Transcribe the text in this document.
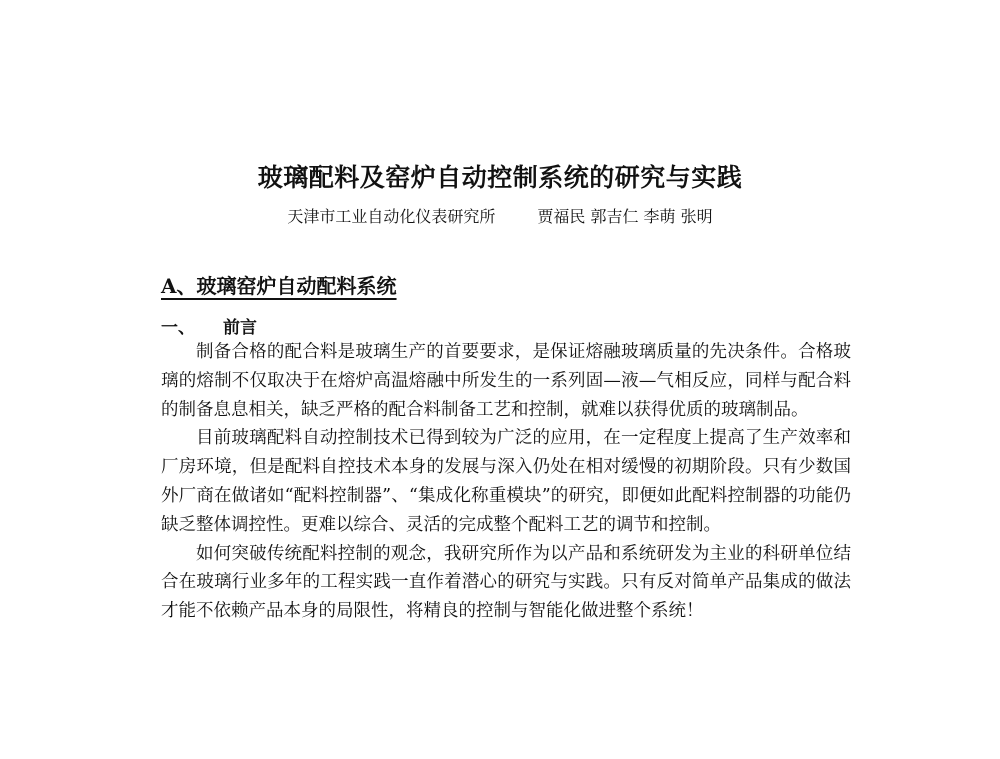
玻璃配料及窑炉自动控制系统的研究与实践
天津市工业自动化仪表研究所	贾福民 郭吉仁 李萌 张明
A、玻璃窑炉自动配料系统
一、 前言

制备合格的配合料是玻璃生产的首要要求，是保证熔融玻璃质量的先决条件。合格玻璃的熔制不仅取决于在熔炉高温熔融中所发生的一系列固—液—气相反应，同样与配合料的制备息息相关，缺乏严格的配合料制备工艺和控制，就难以获得优质的玻璃制品。

目前玻璃配料自动控制技术已得到较为广泛的应用，在一定程度上提高了生产效率和厂房环境，但是配料自控技术本身的发展与深入仍处在相对缓慢的初期阶段。只有少数国外厂商在做诸如“配料控制器”、“集成化称重模块”的研究，即便如此配料控制器的功能仍缺乏整体调控性。更难以综合、灵活的完成整个配料工艺的调节和控制。

如何突破传统配料控制的观念，我研究所作为以产品和系统研发为主业的科研单位结合在玻璃行业多年的工程实践一直作着潜心的研究与实践。只有反对简单产品集成的做法才能不依赖产品本身的局限性，将精良的控制与智能化做进整个系统！
